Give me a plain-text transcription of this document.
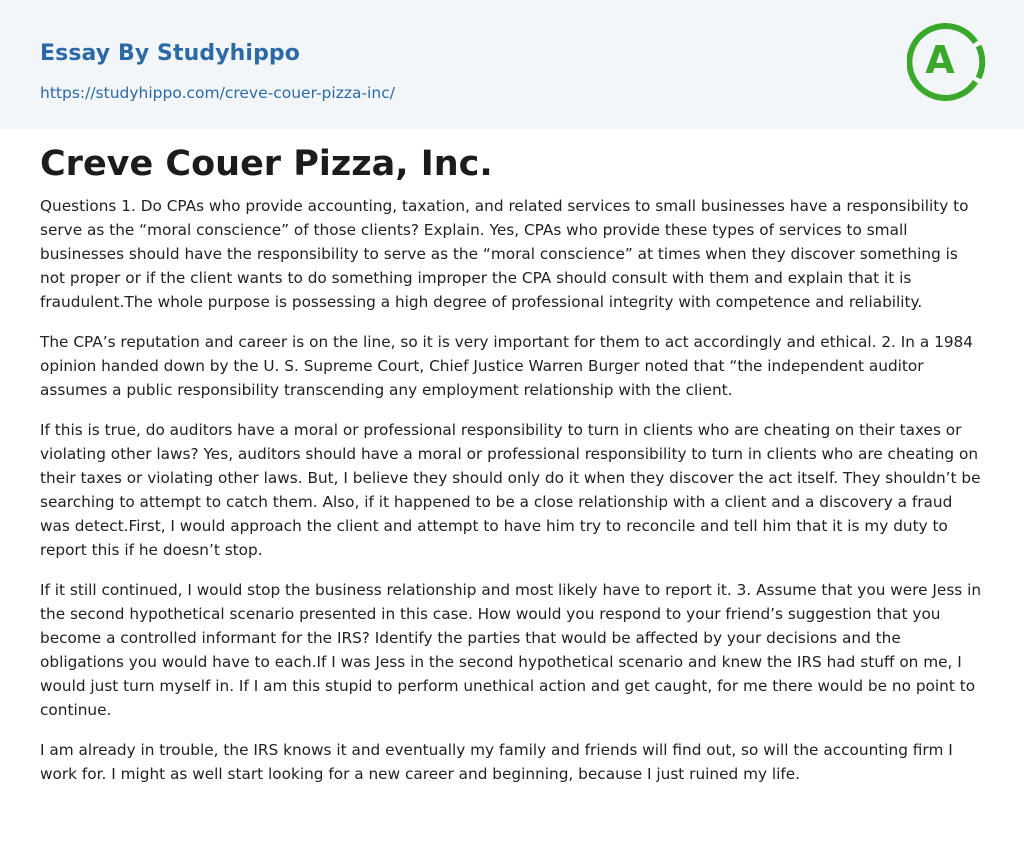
Essay By Studyhippo
https://studyhippo.com/creve-couer-pizza-inc/
A
Creve Couer Pizza, Inc.

Questions 1. Do CPAs who provide accounting, taxation, and related services to small businesses have a responsibility to serve as the “moral conscience” of those clients? Explain. Yes, CPAs who provide these types of services to small businesses should have the responsibility to serve as the “moral conscience” at times when they discover something is not proper or if the client wants to do something improper the CPA should consult with them and explain that it is fraudulent.The whole purpose is possessing a high degree of professional integrity with competence and reliability.

The CPA’s reputation and career is on the line, so it is very important for them to act accordingly and ethical. 2. In a 1984 opinion handed down by the U. S. Supreme Court, Chief Justice Warren Burger noted that “the independent auditor assumes a public responsibility transcending any employment relationship with the client.

If this is true, do auditors have a moral or professional responsibility to turn in clients who are cheating on their taxes or violating other laws? Yes, auditors should have a moral or professional responsibility to turn in clients who are cheating on their taxes or violating other laws. But, I believe they should only do it when they discover the act itself. They shouldn’t be searching to attempt to catch them. Also, if it happened to be a close relationship with a client and a discovery a fraud was detect.First, I would approach the client and attempt to have him try to reconcile and tell him that it is my duty to report this if he doesn’t stop.

If it still continued, I would stop the business relationship and most likely have to report it. 3. Assume that you were Jess in the second hypothetical scenario presented in this case. How would you respond to your friend’s suggestion that you become a controlled informant for the IRS? Identify the parties that would be affected by your decisions and the obligations you would have to each.If I was Jess in the second hypothetical scenario and knew the IRS had stuff on me, I would just turn myself in. If I am this stupid to perform unethical action and get caught, for me there would be no point to continue.

I am already in trouble, the IRS knows it and eventually my family and friends will find out, so will the accounting firm I work for. I might as well start looking for a new career and beginning, because I just ruined my life.
